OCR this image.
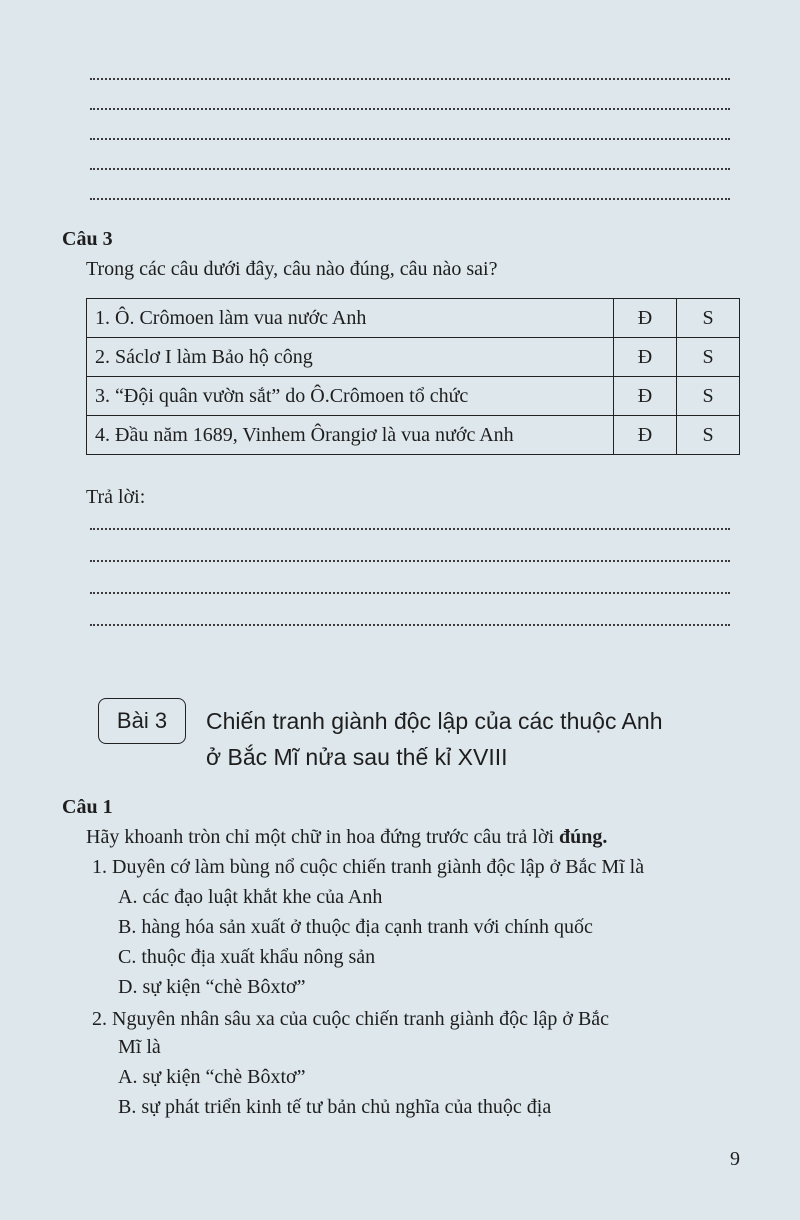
Câu 3
Trong các câu dưới đây, câu nào đúng, câu nào sai?
1. Ô. Crômoen làm vua nước Anh	Đ	S
2. Sáclơ I làm Bảo hộ công	Đ	S
3. “Đội quân vườn sắt” do Ô.Crômoen tổ chức	Đ	S
4. Đầu năm 1689, Vinhem Ôrangiơ là vua nước Anh	Đ	S
Trả lời:
Bài 3 Chiến tranh giành độc lập của các thuộc Anh
ở Bắc Mĩ nửa sau thế kỉ XVIII
Câu 1
Hãy khoanh tròn chỉ một chữ in hoa đứng trước câu trả lời đúng.
1. Duyên cớ làm bùng nổ cuộc chiến tranh giành độc lập ở Bắc Mĩ là
A. các đạo luật khắt khe của Anh
B. hàng hóa sản xuất ở thuộc địa cạnh tranh với chính quốc
C. thuộc địa xuất khẩu nông sản
D. sự kiện “chè Bôxtơ”
2. Nguyên nhân sâu xa của cuộc chiến tranh giành độc lập ở Bắc
Mĩ là
A. sự kiện “chè Bôxtơ”
B. sự phát triển kinh tế tư bản chủ nghĩa của thuộc địa
9
